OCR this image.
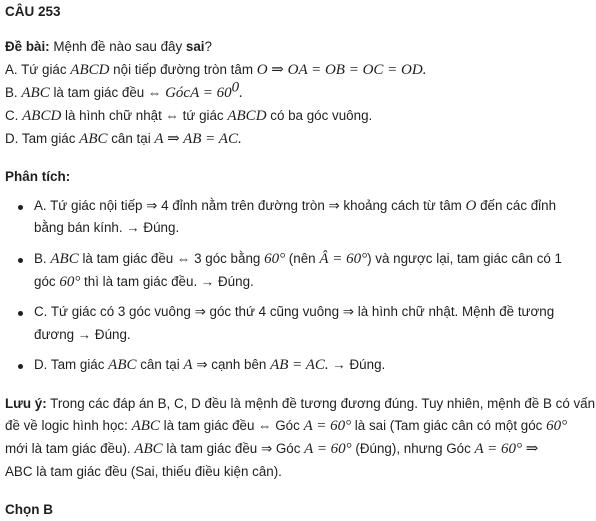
CÂU 253
Đề bài: Mệnh đề nào sau đây sai?
A. Tứ giác ABCD nội tiếp đường tròn tâm O ⇒ OA = OB = OC = OD.
B. ABC là tam giác đều ⇔ GócA = $60^0$.
C. ABCD là hình chữ nhật ⇔ tứ giác ABCD có ba góc vuông.
D. Tam giác ABC cân tại A ⇒ AB = AC.
Phân tích:
A. Tứ giác nội tiếp ⇒ 4 đỉnh nằm trên đường tròn ⇒ khoảng cách từ tâm O đến các đỉnh
bằng bán kính. → Đúng.
B. ABC là tam giác đều ⇔ 3 góc bằng 60° (nên Â = 60°) và ngược lại, tam giác cân có 1
góc 60° thì là tam giác đều. → Đúng.
C. Tứ giác có 3 góc vuông ⇒ góc thứ 4 cũng vuông ⇒ là hình chữ nhật. Mệnh đề tương
đương → Đúng.
D. Tam giác ABC cân tại A ⇒ cạnh bên AB = AC. → Đúng.
Lưu ý: Trong các đáp án B, C, D đều là mệnh đề tương đương đúng. Tuy nhiên, mệnh đề B có vấn
đề về logic hình học: ABC là tam giác đều ⇔ Góc A = 60° là sai (Tam giác cân có một góc 60°
mới là tam giác đều). ABC là tam giác đều ⇒ Góc A = 60° (Đúng), nhưng Góc A = 60° ⇒
ABC là tam giác đều (Sai, thiếu điều kiện cân).
Chọn B
